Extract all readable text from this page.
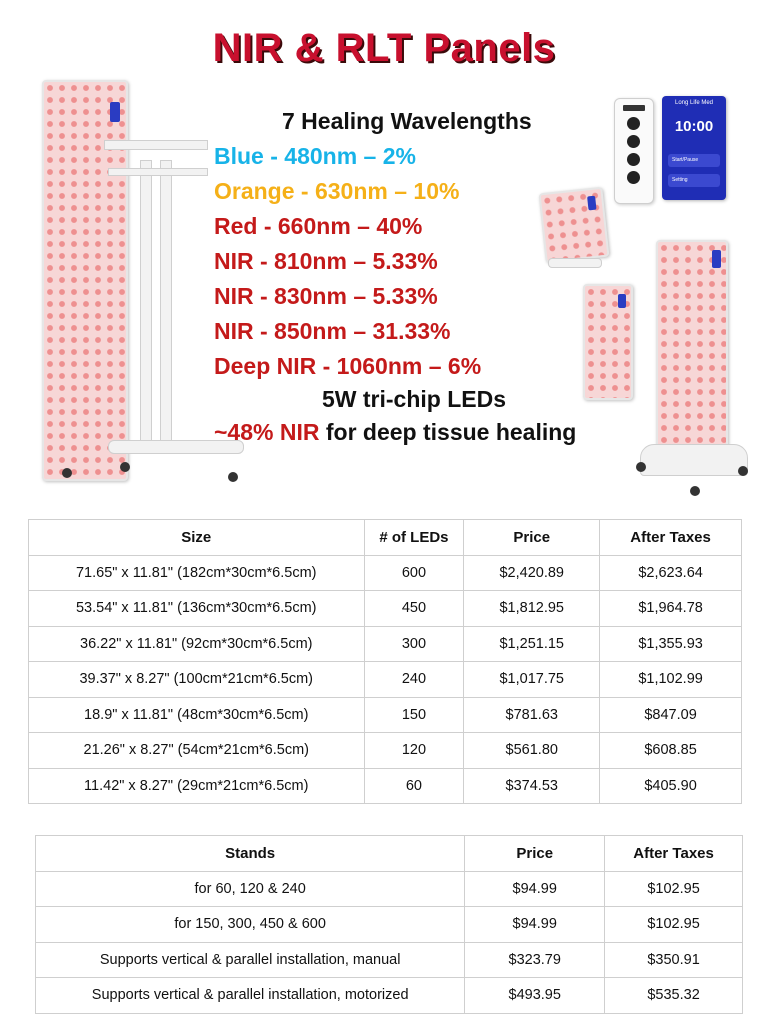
NIR & RLT Panels
7 Healing Wavelengths
Blue - 480nm – 2%
Orange - 630nm – 10%
Red - 660nm – 40%
NIR - 810nm – 5.33%
NIR - 830nm – 5.33%
NIR - 850nm – 31.33%
Deep NIR - 1060nm – 6%
5W tri-chip LEDs
~48% NIR for deep tissue healing
Long Life Med
10:00
Start/Pause
Setting
Size	# of LEDs	Price	After Taxes
71.65" x 11.81" (182cm*30cm*6.5cm)	600	$2,420.89	$2,623.64
53.54" x 11.81" (136cm*30cm*6.5cm)	450	$1,812.95	$1,964.78
36.22" x 11.81" (92cm*30cm*6.5cm)	300	$1,251.15	$1,355.93
39.37" x 8.27" (100cm*21cm*6.5cm)	240	$1,017.75	$1,102.99
18.9" x 11.81" (48cm*30cm*6.5cm)	150	$781.63	$847.09
21.26" x 8.27" (54cm*21cm*6.5cm)	120	$561.80	$608.85
11.42" x 8.27" (29cm*21cm*6.5cm)	60	$374.53	$405.90
Stands	Price	After Taxes
for 60, 120 & 240	$94.99	$102.95
for 150, 300, 450 & 600	$94.99	$102.95
Supports vertical & parallel installation, manual	$323.79	$350.91
Supports vertical & parallel installation, motorized	$493.95	$535.32
